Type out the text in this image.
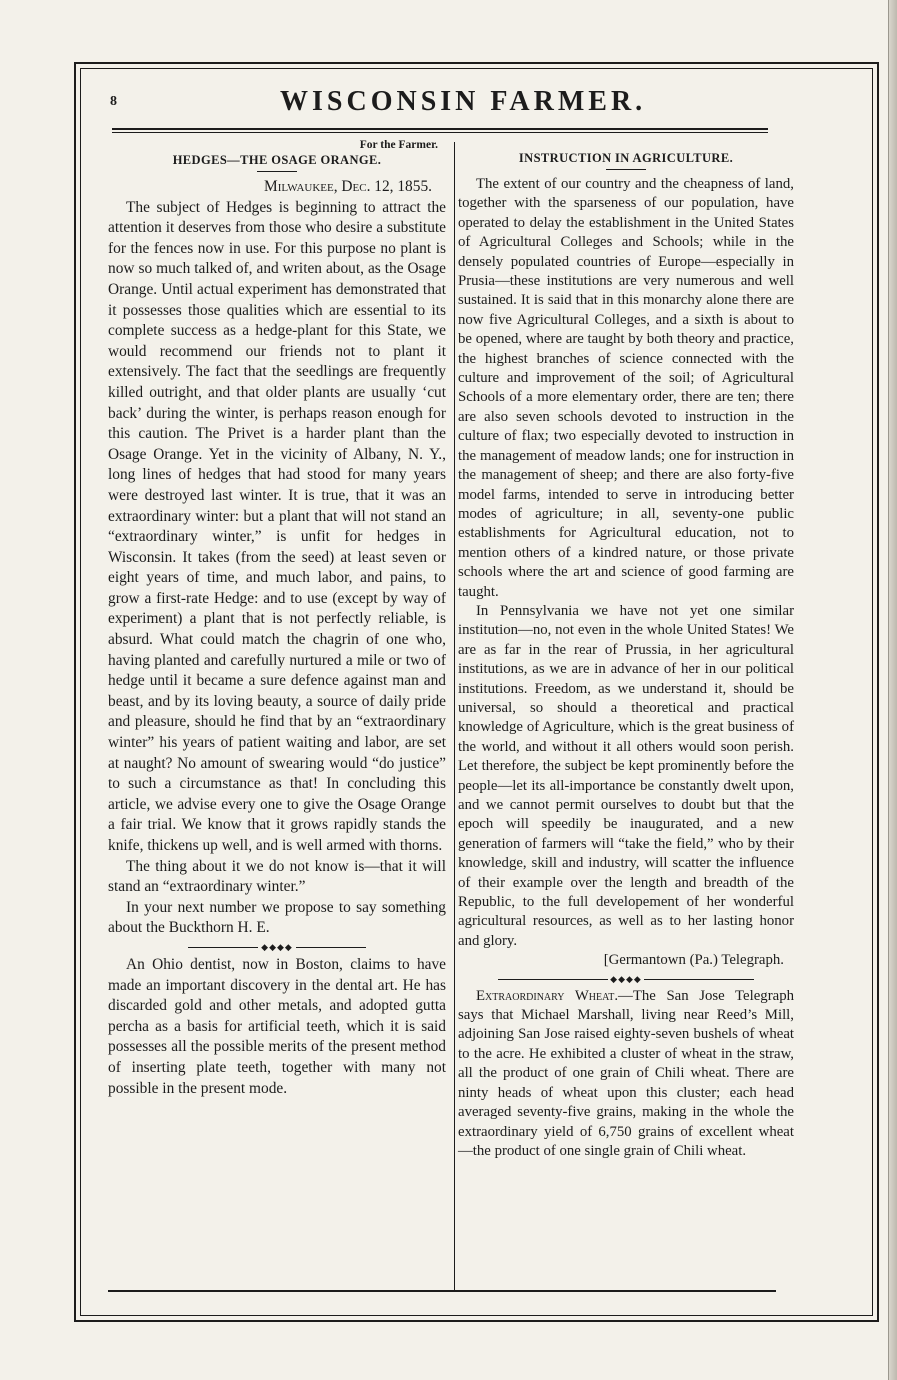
8	WISCONSIN FARMER.
For the Farmer.
HEDGES—THE OSAGE ORANGE.
Milwaukee, Dec. 12, 1855.

The subject of Hedges is beginning to attract the attention it deserves from those who desire a substitute for the fences now in use. For this purpose no plant is now so much talked of, and writen about, as the Osage Orange. Until actual experiment has demonstrated that it possesses those qualities which are essential to its complete success as a hedge-plant for this State, we would recommend our friends not to plant it extensively. The fact that the seedlings are frequently killed outright, and that older plants are usually ‘cut back’ during the winter, is perhaps reason enough for this caution. The Privet is a harder plant than the Osage Orange. Yet in the vicinity of Albany, N. Y., long lines of hedges that had stood for many years were destroyed last winter. It is true, that it was an extraordinary winter: but a plant that will not stand an “extraordinary winter,” is unfit for hedges in Wisconsin. It takes (from the seed) at least seven or eight years of time, and much labor, and pains, to grow a first-rate Hedge: and to use (except by way of experiment) a plant that is not perfectly reliable, is absurd. What could match the chagrin of one who, having planted and carefully nurtured a mile or two of hedge until it became a sure defence against man and beast, and by its loving beauty, a source of daily pride and pleasure, should he find that by an “extraordinary winter” his years of patient waiting and labor, are set at naught? No amount of swearing would “do justice” to such a circumstance as that! In concluding this article, we advise every one to give the Osage Orange a fair trial. We know that it grows rapidly stands the knife, thickens up well, and is well armed with thorns.

The thing about it we do not know is—that it will stand an “extraordinary winter.”

In your next number we propose to say something about the Buckthorn H. E.

◆◆◆◆

An Ohio dentist, now in Boston, claims to have made an important discovery in the dental art. He has discarded gold and other metals, and adopted gutta percha as a basis for artificial teeth, which it is said possesses all the possible merits of the present method of inserting plate teeth, together with many not possible in the present mode.

INSTRUCTION IN AGRICULTURE.

The extent of our country and the cheapness of land, together with the sparseness of our population, have operated to delay the establishment in the United States of Agricultural Colleges and Schools; while in the densely populated countries of Europe—especially in Prusia—these institutions are very numerous and well sustained. It is said that in this monarchy alone there are now five Agricultural Colleges, and a sixth is about to be opened, where are taught by both theory and practice, the highest branches of science connected with the culture and improvement of the soil; of Agricultural Schools of a more elementary order, there are ten; there are also seven schools devoted to instruction in the culture of flax; two especially devoted to instruction in the management of meadow lands; one for instruction in the management of sheep; and there are also forty-five model farms, intended to serve in introducing better modes of agriculture; in all, seventy-one public establishments for Agricultural education, not to mention others of a kindred nature, or those private schools where the art and science of good farming are taught.

In Pennsylvania we have not yet one similar institution—no, not even in the whole United States! We are as far in the rear of Prussia, in her agricultural institutions, as we are in advance of her in our political institutions. Freedom, as we understand it, should be universal, so should a theoretical and practical knowledge of Agriculture, which is the great business of the world, and without it all others would soon perish. Let therefore, the subject be kept prominently before the people—let its all-importance be constantly dwelt upon, and we cannot permit ourselves to doubt but that the epoch will speedily be inaugurated, and a new generation of farmers will “take the field,” who by their knowledge, skill and industry, will scatter the influence of their example over the length and breadth of the Republic, to the full developement of her wonderful agricultural resources, as well as to her lasting honor and glory.

[Germantown (Pa.) Telegraph.
◆◆◆◆

Extraordinary Wheat.—The San Jose Telegraph says that Michael Marshall, living near Reed’s Mill, adjoining San Jose raised eighty-seven bushels of wheat to the acre. He exhibited a cluster of wheat in the straw, all the product of one grain of Chili wheat. There are ninty heads of wheat upon this cluster; each head averaged seventy-five grains, making in the whole the extraordinary yield of 6,750 grains of excellent wheat —the product of one single grain of Chili wheat.
